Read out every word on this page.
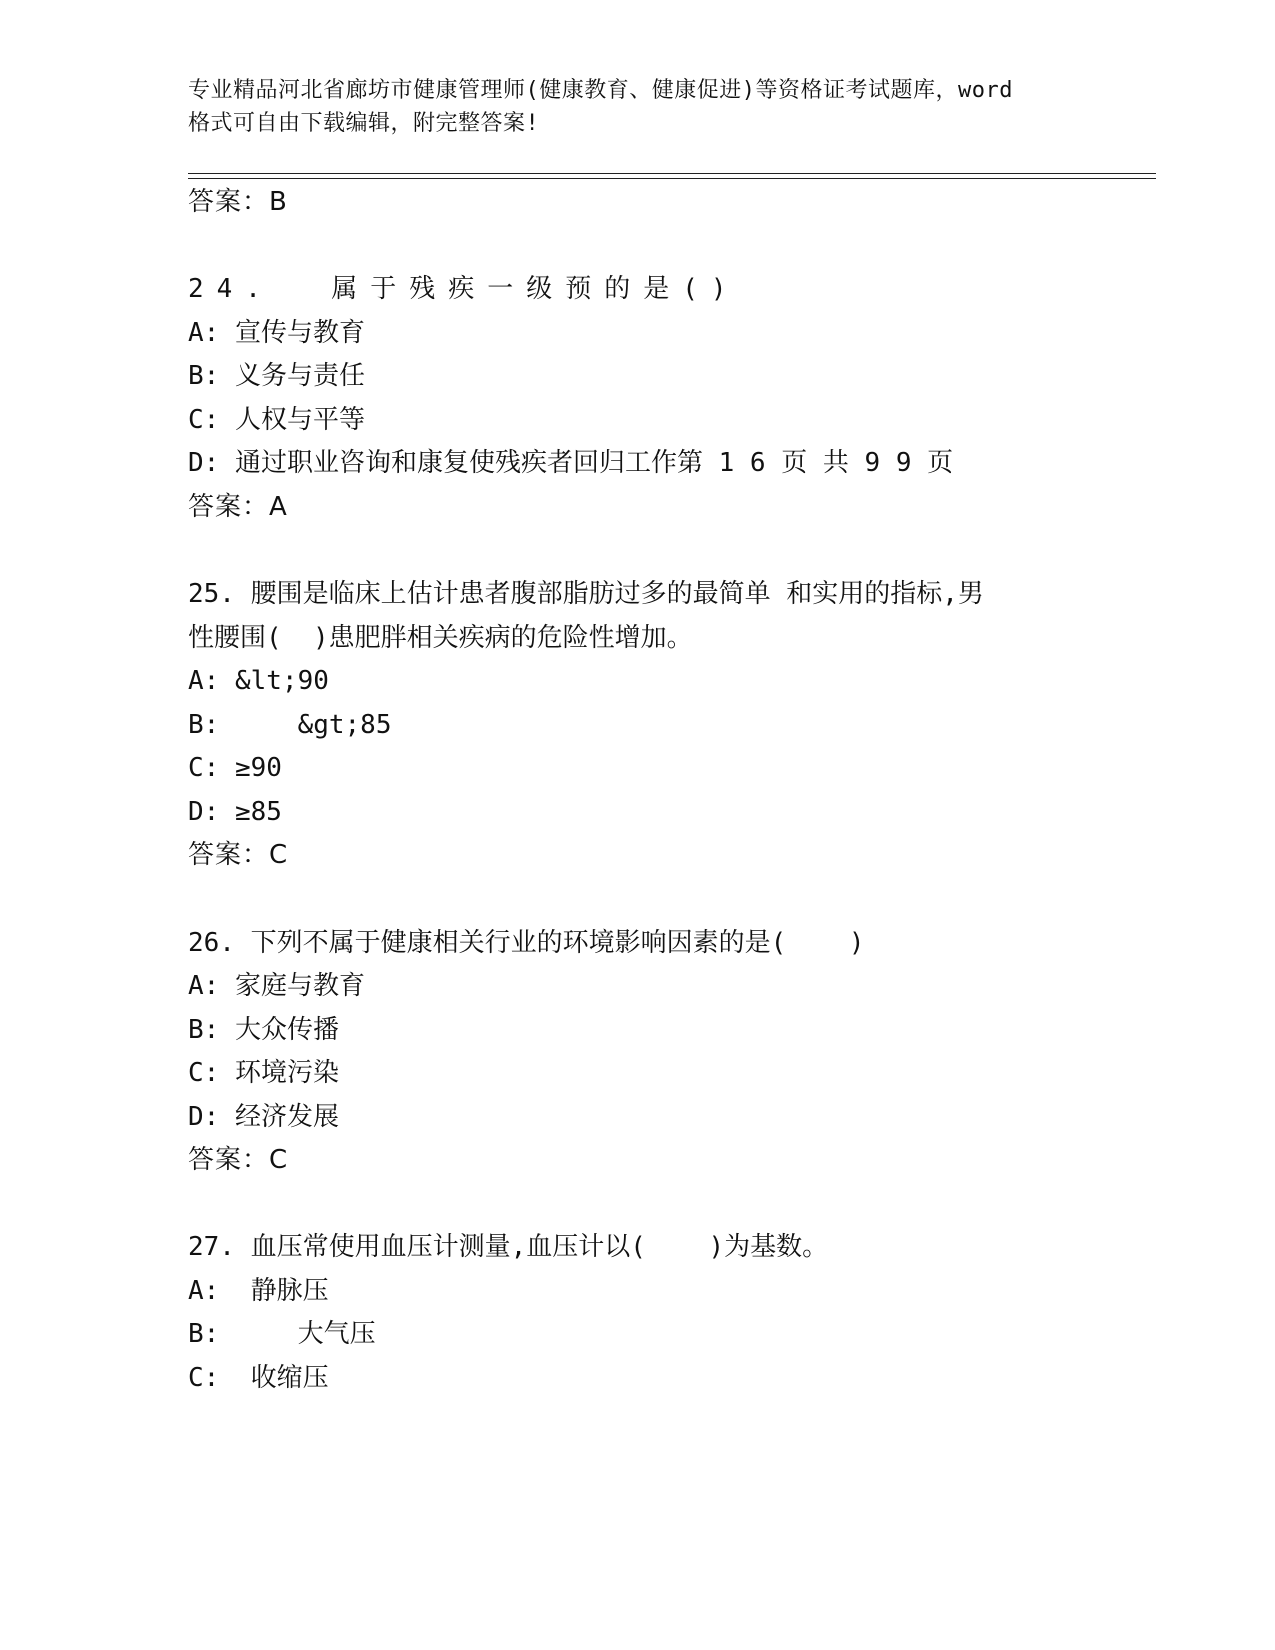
专业精品河北省廊坊市健康管理师(健康教育、健康促进)等资格证考试题库，word
格式可自由下载编辑，附完整答案!

答案：B
24.  属于残疾一级预的是()
A: 宣传与教育
B: 义务与责任
C: 人权与平等
D: 通过职业咨询和康复使残疾者回归工作第 1 6 页 共 9 9 页
答案：A
25. 腰围是临床上估计患者腹部脂肪过多的最简单 和实用的指标,男
性腰围(  )患肥胖相关疾病的危险性增加。
A: &lt;90
B:     &gt;85
C: ≥90
D: ≥85
答案：C
26. 下列不属于健康相关行业的环境影响因素的是(    )
A: 家庭与教育
B: 大众传播
C: 环境污染
D: 经济发展
答案：C
27. 血压常使用血压计测量,血压计以(    )为基数。
A:  静脉压
B:     大气压
C:  收缩压
